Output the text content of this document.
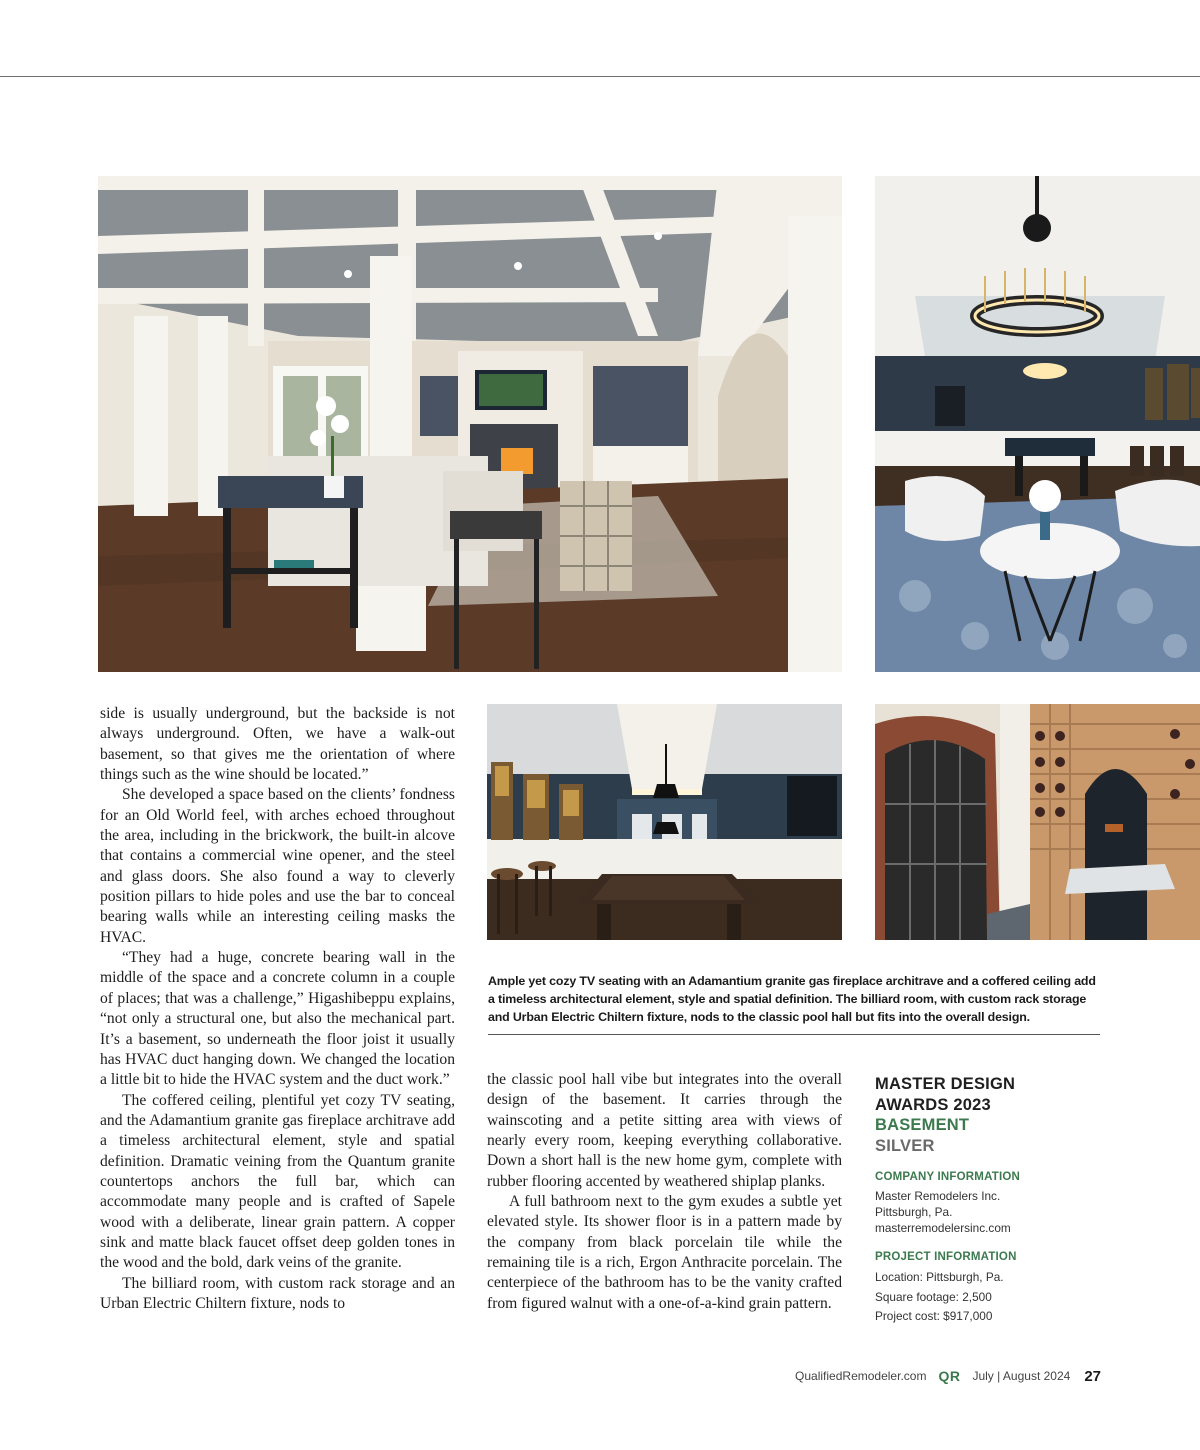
side is usually underground, but the backside is not always underground. Often, we have a walk-out basement, so that gives me the orientation of where things such as the wine should be located.”

She developed a space based on the clients’ fondness for an Old World feel, with arches echoed throughout the area, including in the brickwork, the built-in alcove that contains a commercial wine opener, and the steel and glass doors. She also found a way to cleverly position pillars to hide poles and use the bar to conceal bearing walls while an interesting ceiling masks the HVAC.

“They had a huge, concrete bearing wall in the middle of the space and a concrete column in a couple of places; that was a challenge,” Higashibeppu explains, “not only a structural one, but also the mechanical part. It’s a basement, so underneath the floor joist it usually has HVAC duct hanging down. We changed the location a little bit to hide the HVAC system and the duct work.”

The coffered ceiling, plentiful yet cozy TV seating, and the Adamantium granite gas fireplace architrave add a timeless architectural element, style and spatial definition. Dramatic veining from the Quantum granite countertops anchors the full bar, which can accommodate many people and is crafted of Sapele wood with a deliberate, linear grain pattern. A copper sink and matte black faucet offset deep golden tones in the wood and the bold, dark veins of the granite.

The billiard room, with custom rack storage and an Urban Electric Chiltern fixture, nods to

Ample yet cozy TV seating with an Adamantium granite gas fireplace architrave and a coffered ceiling add a timeless architectural element, style and spatial definition. The billiard room, with custom rack storage and Urban Electric Chiltern fixture, nods to the classic pool hall but fits into the overall design.

the classic pool hall vibe but integrates into the overall design of the basement. It carries through the wainscoting and a petite sitting area with views of nearly every room, keeping everything collaborative. Down a short hall is the new home gym, complete with rubber flooring accented by weathered shiplap planks.

A full bathroom next to the gym exudes a subtle yet elevated style. Its shower floor is in a pattern made by the company from black porcelain tile while the remaining tile is a rich, Ergon Anthracite porcelain. The centerpiece of the bathroom has to be the vanity crafted from figured walnut with a one-of-a-kind grain pattern.

MASTER DESIGN
AWARDS 2023
BASEMENT
SILVER
COMPANY INFORMATION
Master Remodelers Inc.
Pittsburgh, Pa.
masterremodelersinc.com
PROJECT INFORMATION
Location: Pittsburgh, Pa.
Square footage: 2,500
Project cost: $917,000
QualifiedRemodeler.com QR July | August 2024 27
